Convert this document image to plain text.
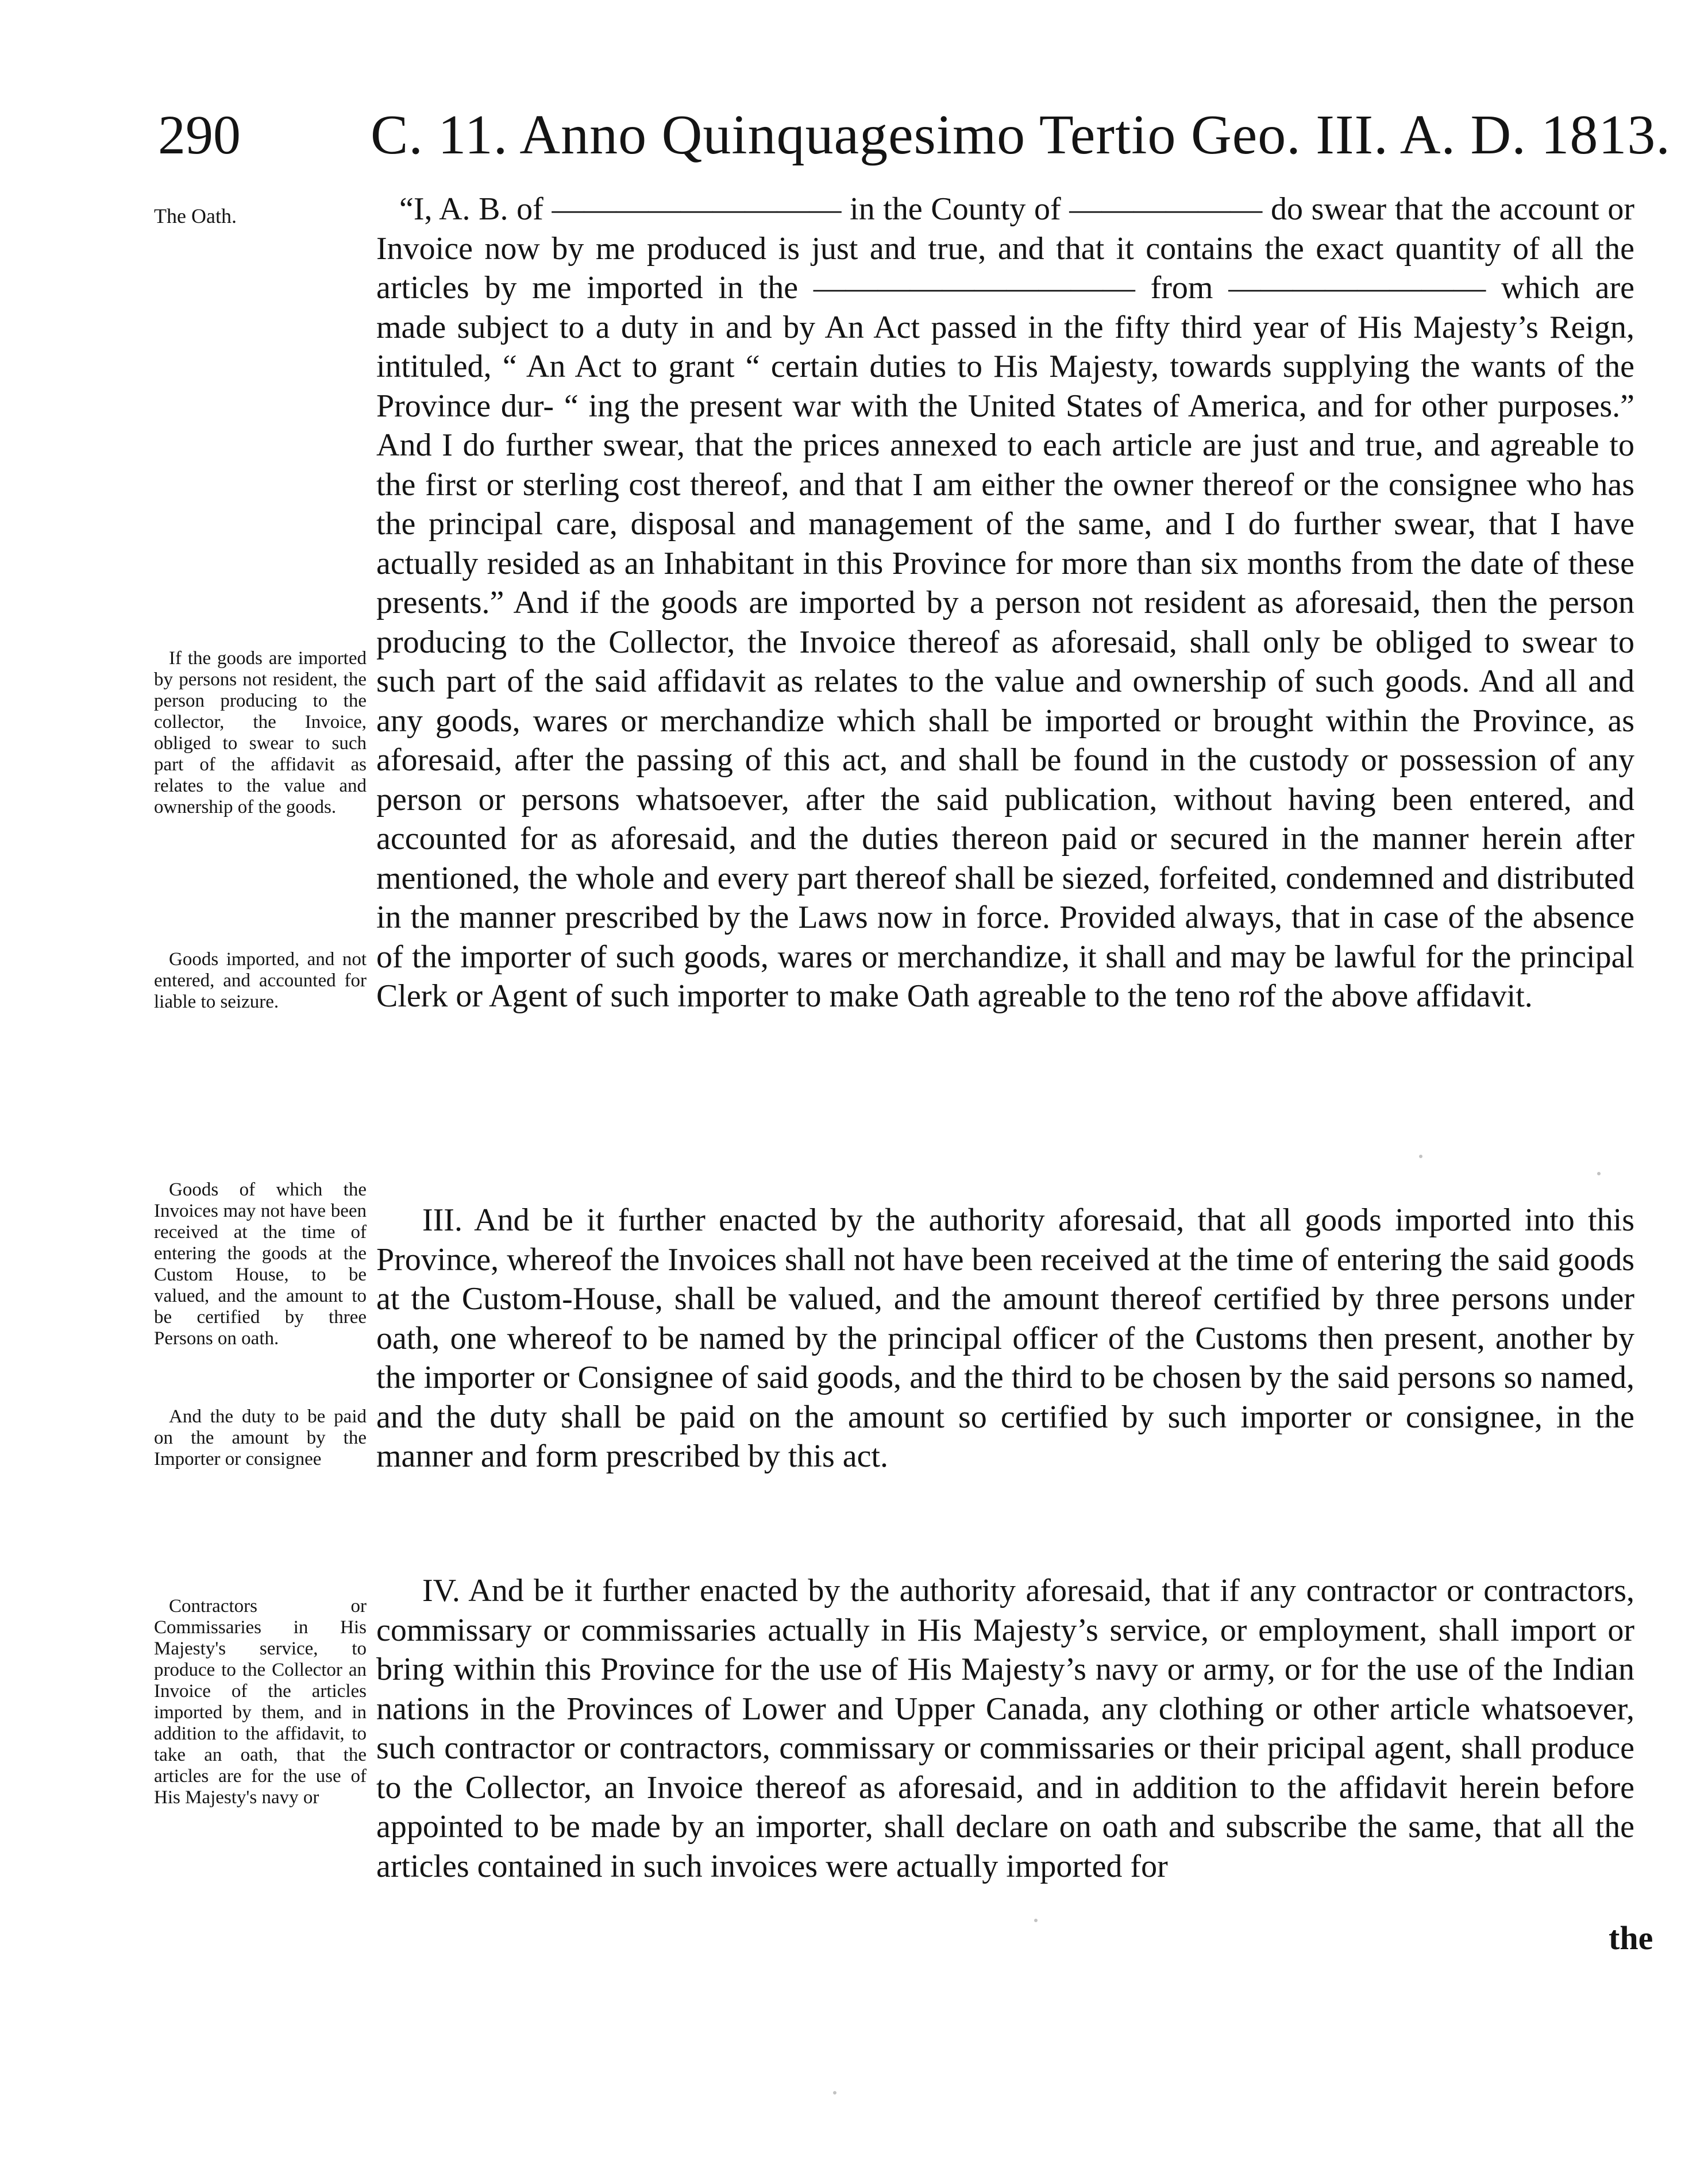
290 C. 11. Anno Quinquagesimo Tertio Geo. III. A. D. 1813.
The Oath.
If the goods are imported by persons not resident, the person producing to the collector, the Invoice, obliged to swear to such part of the affidavit as relates to the value and ownership of the goods.
Goods imported, and not entered, and accounted for liable to seizure.
Goods of which the Invoices may not have been received at the time of entering the goods at the Custom House, to be valued, and the amount to be certified by three Persons on oath.
And the duty to be paid on the amount by the Importer or consignee
Contractors or Commissaries in His Majesty's service, to produce to the Collector an Invoice of the articles imported by them, and in addition to the affidavit, to take an oath, that the articles are for the use of His Majesty's navy or

“I, A. B. of ————————— in the County of —————— do swear that the account or Invoice now by me produced is just and true, and that it contains the exact quantity of all the articles by me imported in the —————————— from ———————— which are made subject to a duty in and by An Act passed in the fifty third year of His Majesty’s Reign, intituled, “ An Act to grant “ certain duties to His Majesty, towards supplying the wants of the Province dur- “ ing the present war with the United States of America, and for other purposes.” And I do further swear, that the prices annexed to each article are just and true, and agreable to the first or sterling cost thereof, and that I am either the owner thereof or the consignee who has the principal care, disposal and management of the same, and I do further swear, that I have actually resided as an Inhabitant in this Province for more than six months from the date of these presents.” And if the goods are imported by a person not resident as aforesaid, then the person producing to the Collector, the Invoice thereof as aforesaid, shall only be obliged to swear to such part of the said affidavit as relates to the value and ownership of such goods. And all and any goods, wares or merchandize which shall be imported or brought within the Province, as aforesaid, after the passing of this act, and shall be found in the custody or possession of any person or persons whatsoever, after the said publication, without having been entered, and accounted for as aforesaid, and the duties thereon paid or secured in the manner herein after mentioned, the whole and every part thereof shall be siezed, forfeited, condemned and distributed in the manner prescribed by the Laws now in force. Provided always, that in case of the absence of the importer of such goods, wares or merchandize, it shall and may be lawful for the principal Clerk or Agent of such importer to make Oath agreable to the teno rof the above affidavit.

III. And be it further enacted by the authority aforesaid, that all goods imported into this Province, whereof the Invoices shall not have been received at the time of entering the said goods at the Custom-House, shall be valued, and the amount thereof certified by three persons under oath, one whereof to be named by the principal officer of the Customs then present, another by the importer or Consignee of said goods, and the third to be chosen by the said persons so named, and the duty shall be paid on the amount so certified by such importer or consignee, in the manner and form prescribed by this act.

IV. And be it further enacted by the authority aforesaid, that if any contractor or contractors, commissary or commissaries actually in His Majesty’s service, or employment, shall import or bring within this Province for the use of His Majesty’s navy or army, or for the use of the Indian nations in the Provinces of Lower and Upper Canada, any clothing or other article whatsoever, such contractor or contractors, commissary or commissaries or their pricipal agent, shall produce to the Collector, an Invoice thereof as aforesaid, and in addition to the affidavit herein before appointed to be made by an importer, shall declare on oath and subscribe the same, that all the articles contained in such invoices were actually imported for

the
